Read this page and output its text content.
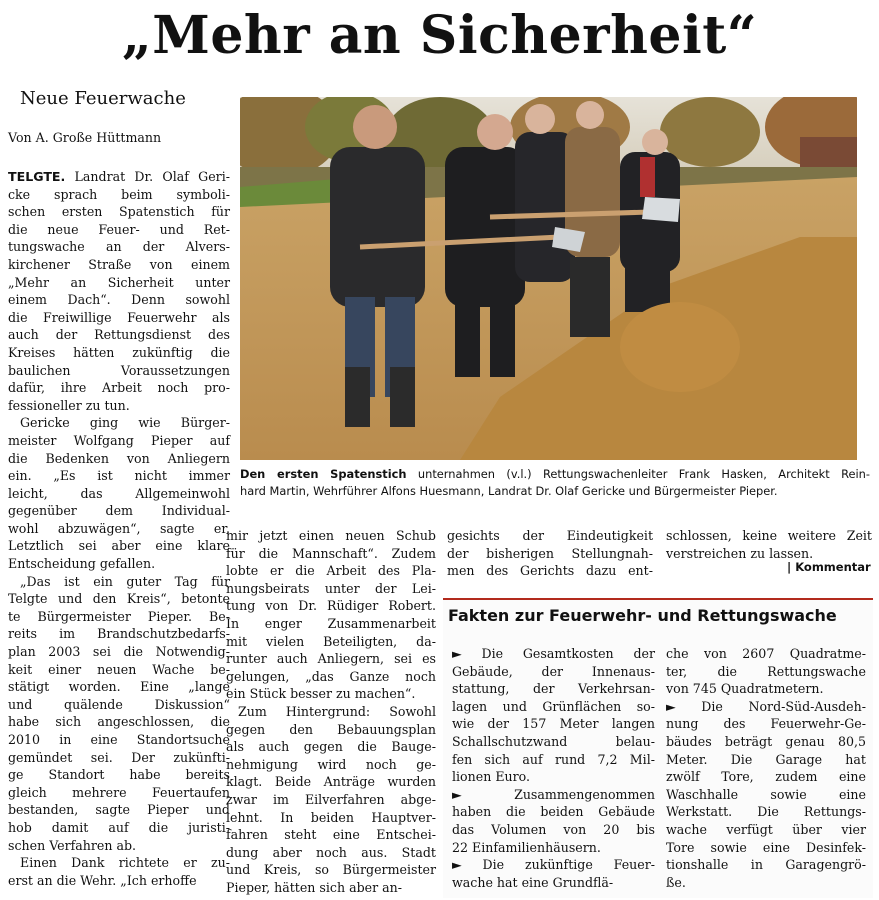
„Mehr an Sicherheit“
Neue Feuerwache
Von A. Große Hüttmann
Den ersten Spatenstich unternahmen (v.l.) Rettungswachenleiter Frank Hasken, Architekt Rein-
hard Martin, Wehrführer Alfons Huesmann, Landrat Dr. Olaf Gericke und Bürgermeister Pieper.
TELGTE. Landrat Dr. Olaf Geri-
cke sprach beim symboli-
schen ersten Spatenstich für
die neue Feuer- und Ret-
tungswache an der Alvers-
kirchener Straße von einem
„Mehr an Sicherheit unter
einem Dach“. Denn sowohl
die Freiwillige Feuerwehr als
auch der Rettungsdienst des
Kreises hätten zukünftig die
baulichen Voraussetzungen
dafür, ihre Arbeit noch pro-
fessioneller zu tun.
Gericke ging wie Bürger-
meister Wolfgang Pieper auf
die Bedenken von Anliegern
ein. „Es ist nicht immer
leicht, das Allgemeinwohl
gegenüber dem Individual-
wohl abzuwägen“, sagte er.
Letztlich sei aber eine klare
Entscheidung gefallen.
„Das ist ein guter Tag für
Telgte und den Kreis“, betonte
te Bürgermeister Pieper. Be-
reits im Brandschutzbedarfs-
plan 2003 sei die Notwendig-
keit einer neuen Wache be-
stätigt worden. Eine „lange
und quälende Diskussion“
habe sich angeschlossen, die
2010 in eine Standortsuche
gemündet sei. Der zukünfti-
ge Standort habe bereits
gleich mehrere Feuertaufen
bestanden, sagte Pieper und
hob damit auf die juristi-
schen Verfahren ab.
Einen Dank richtete er zu-
erst an die Wehr. „Ich erhoffe
mir jetzt einen neuen Schub
für die Mannschaft“. Zudem
lobte er die Arbeit des Pla-
nungsbeirats unter der Lei-
tung von Dr. Rüdiger Robert.
In enger Zusammenarbeit
mit vielen Beteiligten, da-
runter auch Anliegern, sei es
gelungen, „das Ganze noch
ein Stück besser zu machen“.
Zum Hintergrund: Sowohl
gegen den Bebauungsplan
als auch gegen die Bauge-
nehmigung wird noch ge-
klagt. Beide Anträge wurden
zwar im Eilverfahren abge-
lehnt. In beiden Hauptver-
fahren steht eine Entschei-
dung aber noch aus. Stadt
und Kreis, so Bürgermeister
Pieper, hätten sich aber an-
gesichts der Eindeutigkeit
der bisherigen Stellungnah-
men des Gerichts dazu ent-
schlossen, keine weitere Zeit
verstreichen zu lassen.
| Kommentar
Fakten zur Feuerwehr- und Rettungswache
► Die Gesamtkosten der
Gebäude, der Innenaus-
stattung, der Verkehrsan-
lagen und Grünflächen so-
wie der 157 Meter langen
Schallschutzwand belau-
fen sich auf rund 7,2 Mil-
lionen Euro.
► Zusammengenommen
haben die beiden Gebäude
das Volumen von 20 bis
22 Einfamilienhäusern.
► Die zukünftige Feuer-
wache hat eine Grundflä-
che von 2607 Quadratme-
ter, die Rettungswache
von 745 Quadratmetern.
► Die Nord-Süd-Ausdeh-
nung des Feuerwehr-Ge-
bäudes beträgt genau 80,5
Meter. Die Garage hat
zwölf Tore, zudem eine
Waschhalle sowie eine
Werkstatt. Die Rettungs-
wache verfügt über vier
Tore sowie eine Desinfek-
tionshalle in Garagengrö-
ße.
